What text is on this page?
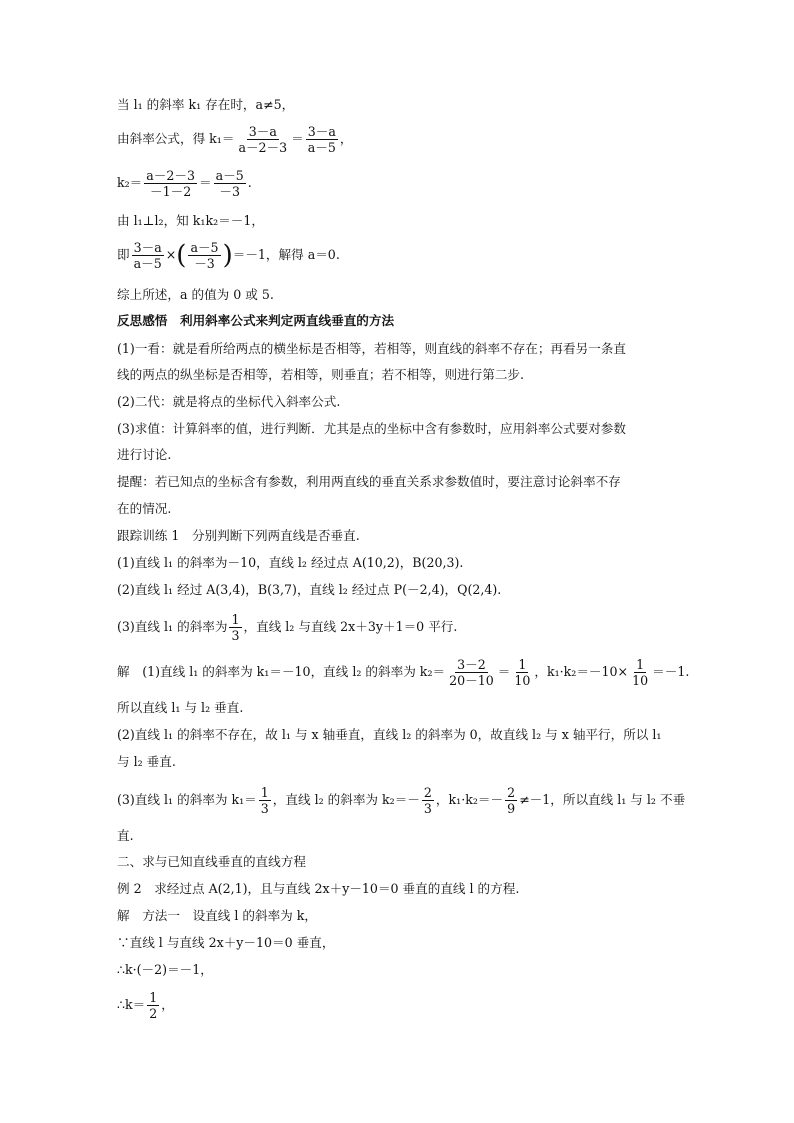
当 l₁ 的斜率 k₁ 存在时，a≠5，
由斜率公式，得 $k_1= \frac{3-a}{a-2-3} = \frac{3-a}{a-5}$ ，
$k_2= \frac{a-2-3}{-1-2} = \frac{a-5}{-3}$ .
由 l₁⊥l₂，知 k₁k₂＝－1，
即 $\frac{3-a}{a-5}$ ×( $\frac{a-5}{-3} )=-1$，解得 a＝0.
综上所述，a 的值为 0 或 5.
反思感悟　利用斜率公式来判定两直线垂直的方法
(1)一看：就是看所给两点的横坐标是否相等，若相等，则直线的斜率不存在；再看另一条直
线的两点的纵坐标是否相等，若相等，则垂直；若不相等，则进行第二步.
(2)二代：就是将点的坐标代入斜率公式.
(3)求值：计算斜率的值，进行判断．尤其是点的坐标中含有参数时，应用斜率公式要对参数
进行讨论.
提醒：若已知点的坐标含有参数，利用两直线的垂直关系求参数值时，要注意讨论斜率不存
在的情况.
跟踪训练 1　分别判断下列两直线是否垂直.
(1)直线 l₁ 的斜率为－10，直线 l₂ 经过点 A(10,2)，B(20,3).
(2)直线 l₁ 经过 A(3,4)，B(3,7)，直线 l₂ 经过点 P(－2,4)，Q(2,4).
(3)直线 l₁ 的斜率为 $\frac{1}{3}$ ，直线 l₂ 与直线 2x＋3y＋1＝0 平行.
解　(1)直线 l₁ 的斜率为 k₁＝－10，直线 l₂ 的斜率为 $k_2= \frac{3-2}{20-10} = \frac{1}{10}$ ，$k_1\cdot k_2=-10\times \frac{1}{10} =-1$.
所以直线 l₁ 与 l₂ 垂直.
(2)直线 l₁ 的斜率不存在，故 l₁ 与 x 轴垂直，直线 l₂ 的斜率为 0，故直线 l₂ 与 x 轴平行，所以 l₁
与 l₂ 垂直.
(3)直线 l₁ 的斜率为 $k_1= \frac{1}{3}$ ，直线 l₂ 的斜率为 $k_2=- \frac{2}{3}$ ，$k_1\cdot k_2=- \frac{2}{9} \ne-1$，所以直线 l₁ 与 l₂ 不垂
直.
二、求与已知直线垂直的直线方程
例 2　求经过点 A(2,1)，且与直线 2x＋y－10＝0 垂直的直线 l 的方程.
解　方法一　设直线 l 的斜率为 k，
∵直线 l 与直线 2x＋y－10＝0 垂直，
∴k·(－2)＝－1，
∴k＝ $\frac{1}{2}$ ，
